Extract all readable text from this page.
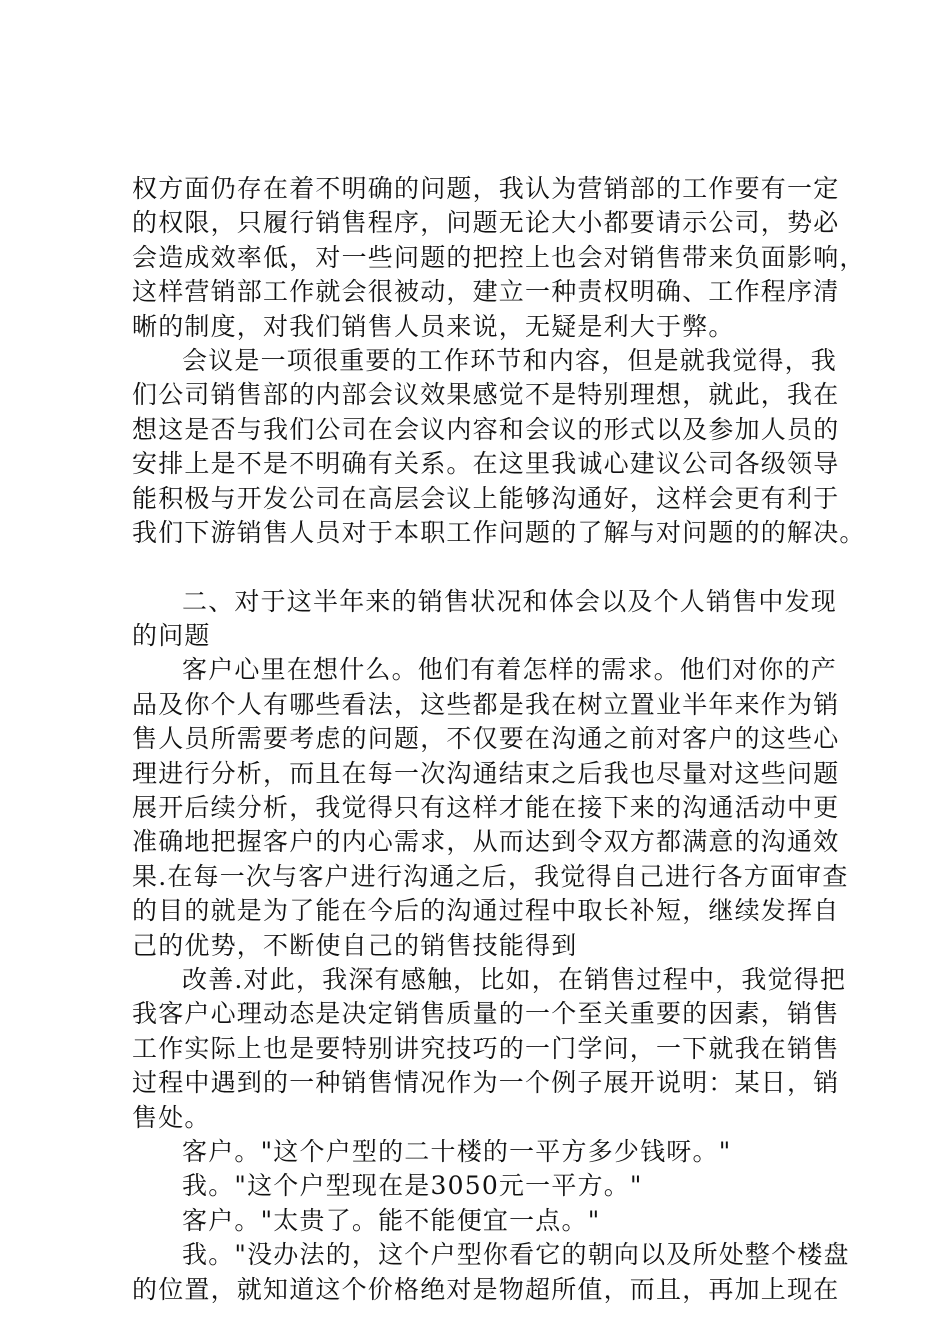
权方面仍存在着不明确的问题，我认为营销部的工作要有一定
的权限，只履行销售程序，问题无论大小都要请示公司，势必
会造成效率低，对一些问题的把控上也会对销售带来负面影响，
这样营销部工作就会很被动，建立一种责权明确、工作程序清
晰的制度，对我们销售人员来说，无疑是利大于弊。
会议是一项很重要的工作环节和内容，但是就我觉得，我
们公司销售部的内部会议效果感觉不是特别理想，就此，我在
想这是否与我们公司在会议内容和会议的形式以及参加人员的
安排上是不是不明确有关系。在这里我诚心建议公司各级领导
能积极与开发公司在高层会议上能够沟通好，这样会更有利于
我们下游销售人员对于本职工作问题的了解与对问题的的解决。
二、对于这半年来的销售状况和体会以及个人销售中发现
的问题
客户心里在想什么。他们有着怎样的需求。他们对你的产
品及你个人有哪些看法，这些都是我在树立置业半年来作为销
售人员所需要考虑的问题，不仅要在沟通之前对客户的这些心
理进行分析，而且在每一次沟通结束之后我也尽量对这些问题
展开后续分析，我觉得只有这样才能在接下来的沟通活动中更
准确地把握客户的内心需求，从而达到令双方都满意的沟通效
果.在每一次与客户进行沟通之后，我觉得自己进行各方面审查
的目的就是为了能在今后的沟通过程中取长补短，继续发挥自
己的优势，不断使自己的销售技能得到
改善.对此，我深有感触，比如，在销售过程中，我觉得把
我客户心理动态是决定销售质量的一个至关重要的因素，销售
工作实际上也是要特别讲究技巧的一门学问，一下就我在销售
过程中遇到的一种销售情况作为一个例子展开说明：某日，销
售处。
客户。"这个户型的二十楼的一平方多少钱呀。"
我。"这个户型现在是3050元一平方。"
客户。"太贵了。能不能便宜一点。"
我。"没办法的，这个户型你看它的朝向以及所处整个楼盘
的位置，就知道这个价格绝对是物超所值，而且，再加上现在
